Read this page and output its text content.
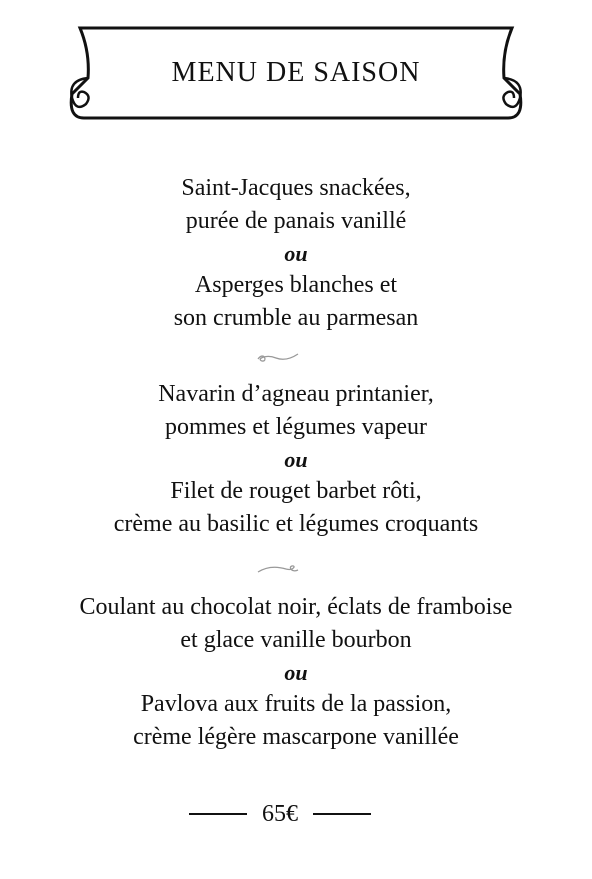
MENU DE SAISON
Saint-Jacques snackées,
purée de panais vanillé
ou
Asperges blanches et
son crumble au parmesan
Navarin d’agneau printanier,
pommes et légumes vapeur
ou
Filet de rouget barbet rôti,
crème au basilic et légumes croquants
Coulant au chocolat noir, éclats de framboise
et glace vanille bourbon
ou
Pavlova aux fruits de la passion,
crème légère mascarpone vanillée
65€
